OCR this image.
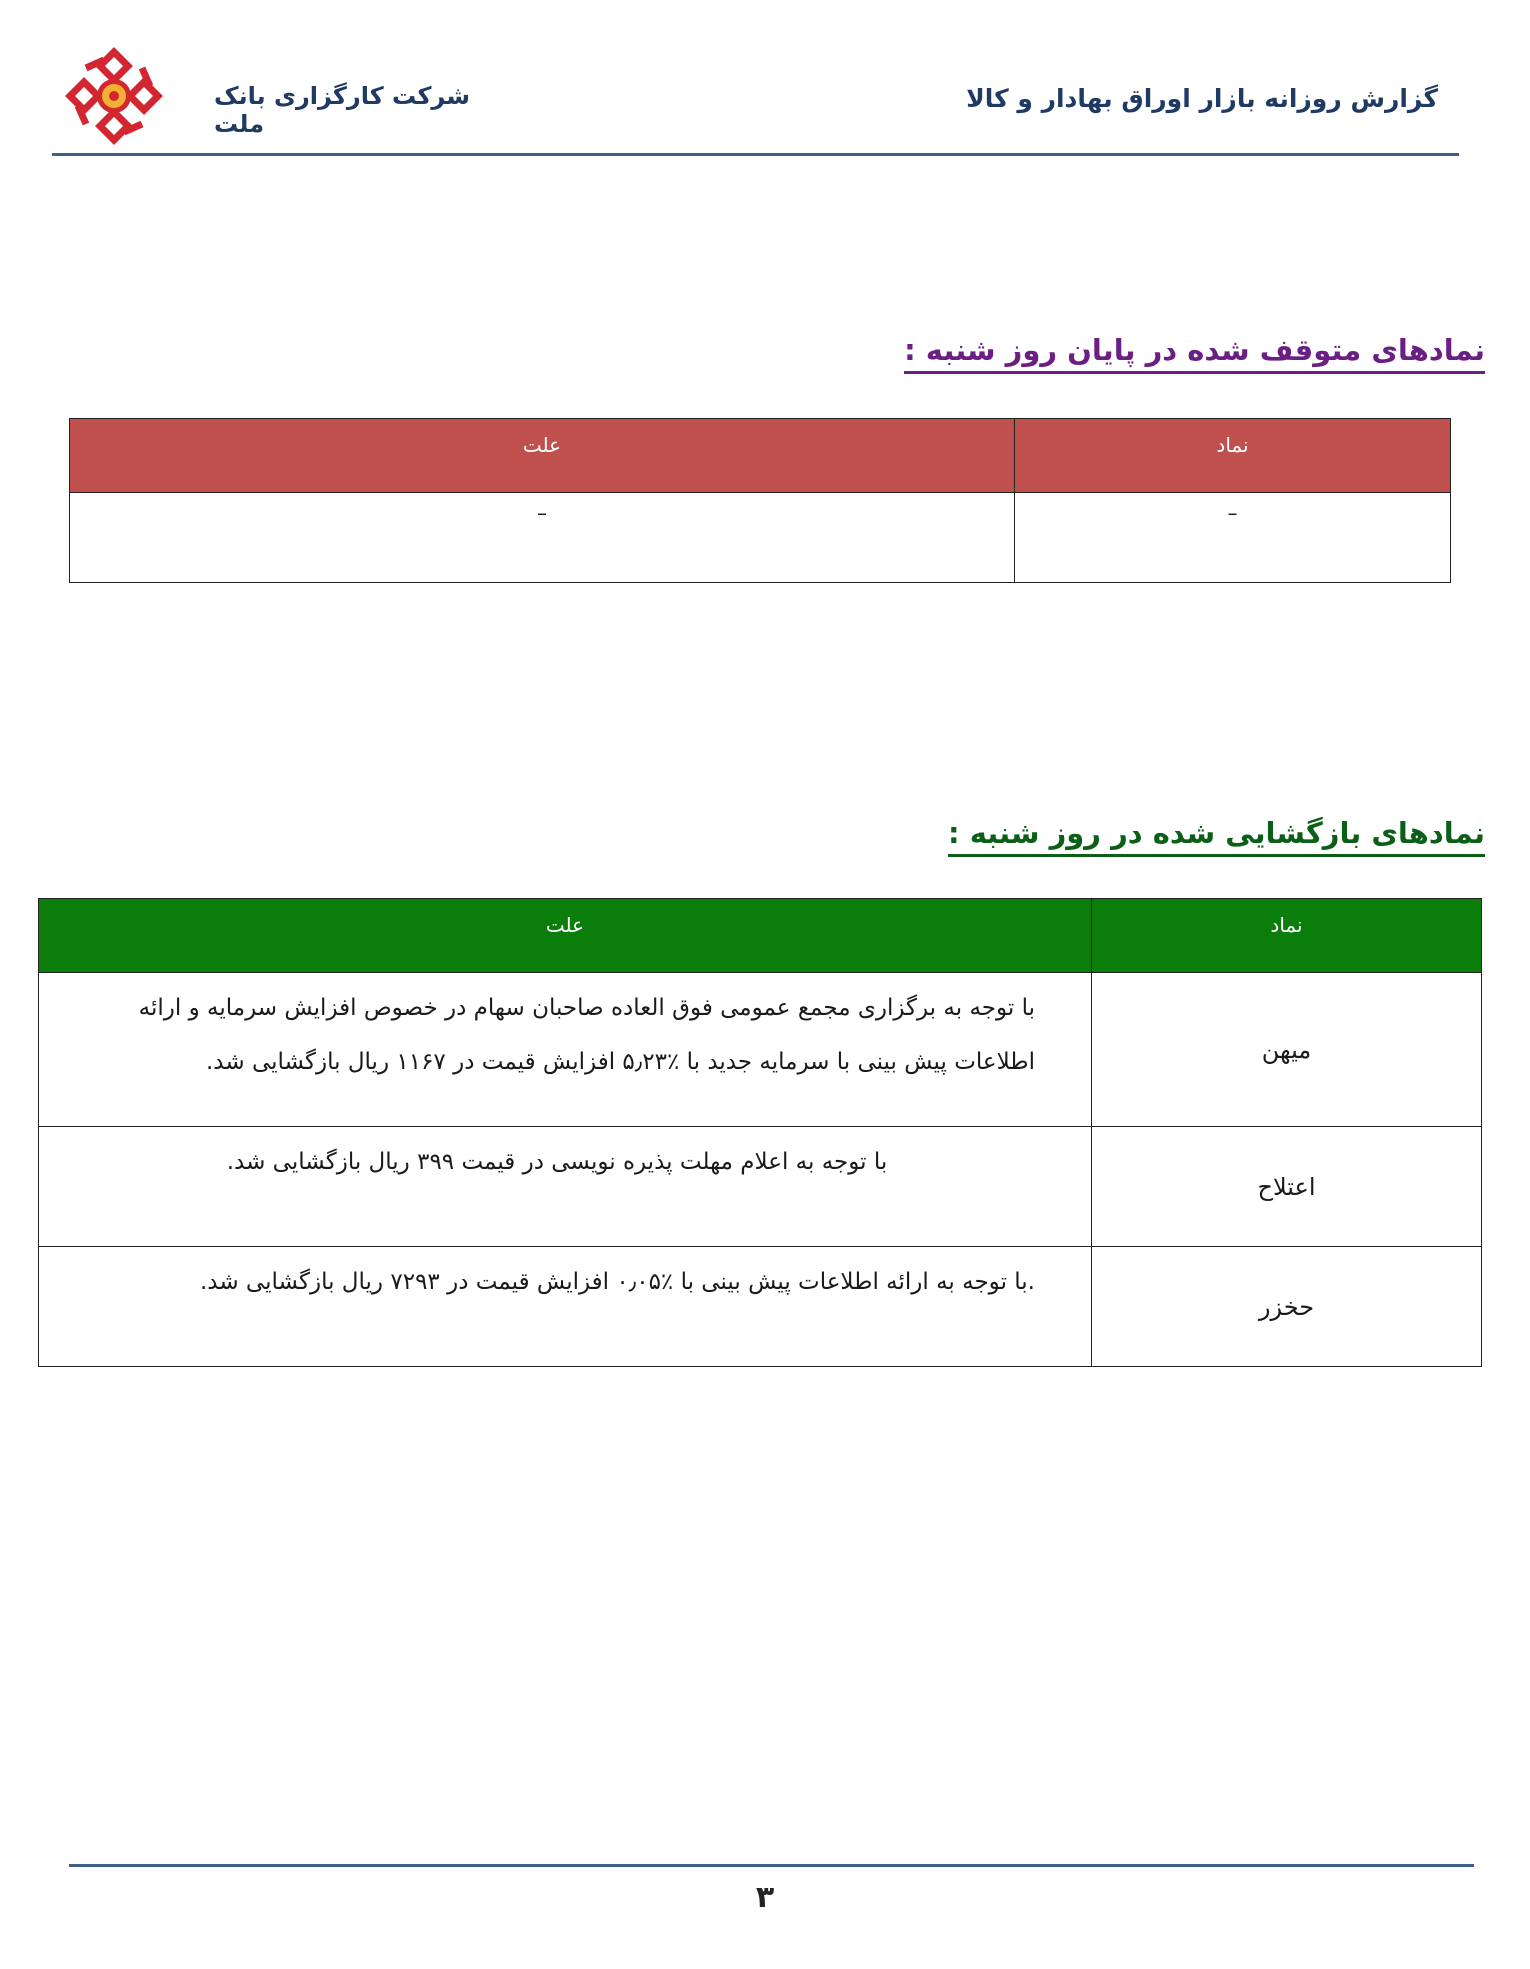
شرکت کارگزاری بانک ملت
گزارش روزانه بازار اوراق بهادار و کالا
نمادهای متوقف شده در پایان روز شنبه :
نماد	علت
–	–
نمادهای بازگشایی شده در روز شنبه :
نماد	علت
میهن	با توجه به برگزاری مجمع عمومی فوق العاده صاحبان سهام در خصوص افزایش سرمایه و ارائه
اطلاعات پیش بینی با سرمایه جدید با ٪۵٫۲۳ افزایش قیمت در ۱۱۶۷ ریال بازگشایی شد.

اعتلاح	با توجه به اعلام مهلت پذیره نویسی در قیمت ۳۹۹ ریال بازگشایی شد.

حخزر	.با توجه به ارائه اطلاعات پیش بینی با ٪۰٫۰۵ افزایش قیمت در ۷۲۹۳ ریال بازگشایی شد.
۳
